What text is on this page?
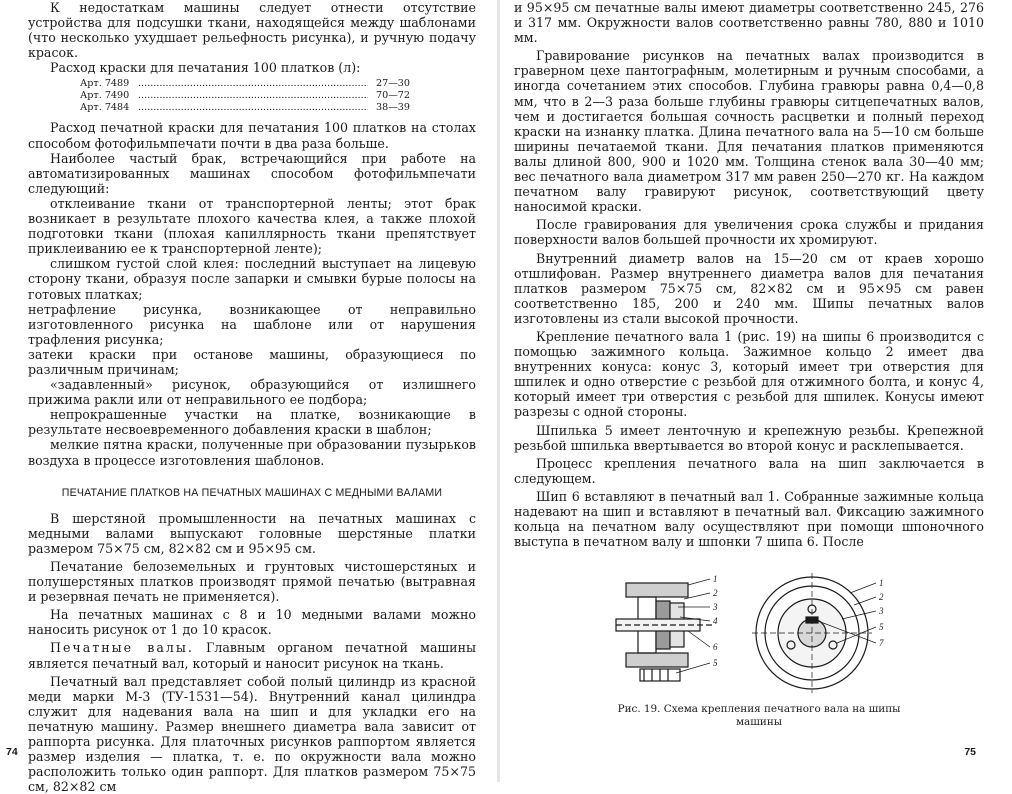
К недостаткам машины следует отнести отсутствие устройства для подсушки ткани, находящейся между шаблонами (что несколько ухудшает рельефность рисунка), и ручную подачу красок.

Расход краски для печатания 100 платков (л):

Арт. 7489 .....	27—30
Арт. 7490 .....	70—72
Арт. 7484 .....	38—39

Расход печатной краски для печатания 100 платков на столах способом фотофильмпечати почти в два раза больше.

Наиболее частый брак, встречающийся при работе на автоматизированных машинах способом фотофильмпечати следующий:

отклеивание ткани от транспортерной ленты; этот брак возникает в результате плохого качества клея, а также плохой подготовки ткани (плохая капиллярность ткани препятствует приклеиванию ее к транспортерной ленте);

слишком густой слой клея: последний выступает на лицевую сторону ткани, образуя после запарки и смывки бурые полосы на готовых платках;

нетрафление рисунка, возникающее от неправильно изготовленного рисунка на шаблоне или от нарушения трафления рисунка;

затеки краски при останове машины, образующиеся по различным причинам;

«задавленный» рисунок, образующийся от излишнего прижима ракли или от неправильного ее подбора;

непрокрашенные участки на платке, возникающие в результате несвоевременного добавления краски в шаблон;

мелкие пятна краски, полученные при образовании пузырьков воздуха в процессе изготовления шаблонов.

ПЕЧАТАНИЕ ПЛАТКОВ НА ПЕЧАТНЫХ МАШИНАХ С МЕДНЫМИ ВАЛАМИ

В шерстяной промышленности на печатных машинах с медными валами выпускают головные шерстяные платки размером 75×75 см, 82×82 см и 95×95 см.

Печатание белоземельных и грунтовых чистошерстяных и полушерстяных платков производят прямой печатью (вытравная и резервная печать не применяется).

На печатных машинах с 8 и 10 медными валами можно наносить рисунок от 1 до 10 красок.

Печатные валы. Главным органом печатной машины является печатный вал, который и наносит рисунок на ткань.

Печатный вал представляет собой полый цилиндр из красной меди марки М-3 (ТУ-1531—54). Внутренний канал цилиндра служит для надевания вала на шип и для укладки его на печатную машину. Размер внешнего диаметра вала зависит от раппорта рисунка. Для платочных рисунков раппортом является размер изделия — платка, т. е. по окружности вала можно расположить только один раппорт. Для платков размером 75×75 см, 82×82 см

74

и 95×95 см печатные валы имеют диаметры соответственно 245, 276 и 317 мм. Окружности валов соответственно равны 780, 880 и 1010 мм.

Гравирование рисунков на печатных валах производится в граверном цехе пантографным, молетирным и ручным способами, а иногда сочетанием этих способов. Глубина гравюры равна 0,4—0,8 мм, что в 2—3 раза больше глубины гравюры ситцепечатных валов, чем и достигается большая сочность расцветки и полный переход краски на изнанку платка. Длина печатного вала на 5—10 см больше ширины печатаемой ткани. Для печатания платков применяются валы длиной 800, 900 и 1020 мм. Толщина стенок вала 30—40 мм; вес печатного вала диаметром 317 мм равен 250—270 кг. На каждом печатном валу гравируют рисунок, соответствующий цвету наносимой краски.

После гравирования для увеличения срока службы и придания поверхности валов большей прочности их хромируют.

Внутренний диаметр валов на 15—20 см от краев хорошо отшлифован. Размер внутреннего диаметра валов для печатания платков размером 75×75 см, 82×82 см и 95×95 см равен соответственно 185, 200 и 240 мм. Шипы печатных валов изготовлены из стали высокой прочности.

Крепление печатного вала 1 (рис. 19) на шипы 6 производится с помощью зажимного кольца. Зажимное кольцо 2 имеет два внутренних конуса: конус 3, который имеет три отверстия для шпилек и одно отверстие с резьбой для отжимного болта, и конус 4, который имеет три отверстия с резьбой для шпилек. Конусы имеют разрезы с одной стороны.

Шпилька 5 имеет ленточную и крепежную резьбы. Крепежной резьбой шпилька ввертывается во второй конус и расклепывается.

Процесс крепления печатного вала на шип заключается в следующем.

Шип 6 вставляют в печатный вал 1. Собранные зажимные кольца надевают на шип и вставляют в печатный вал. Фиксацию зажимного кольца на печатном валу осуществляют при помощи шпоночного выступа в печатном валу и шпонки 7 шипа 6. После

1
2
3
4
6
5
1
2
3
5
7
Рис. 19. Схема крепления печатного вала на шипы машины
75
